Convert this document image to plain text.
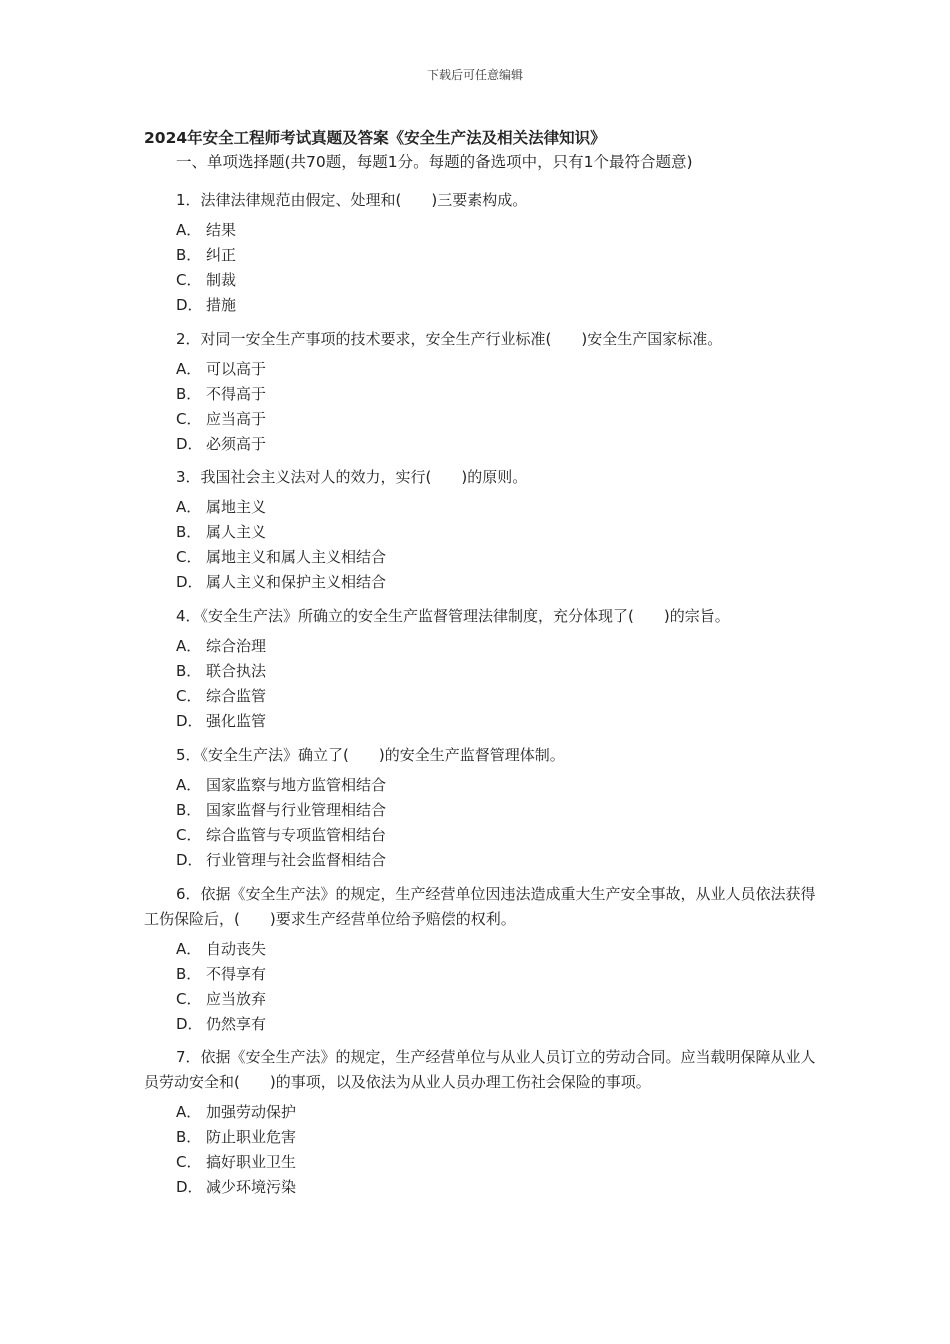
下载后可任意编辑
2024年安全工程师考试真题及答案《安全生产法及相关法律知识》
一、单项选择题(共70题，每题1分。每题的备选项中，只有1个最符合题意)

1．法律法律规范由假定、处理和(　　)三要素构成。

A． 结果
B． 纠正
C． 制裁
D． 措施

2．对同一安全生产事项的技术要求，安全生产行业标准(　　)安全生产国家标准。

A． 可以高于
B． 不得高于
C． 应当高于
D． 必须高于

3．我国社会主义法对人的效力，实行(　　)的原则。

A． 属地主义
B． 属人主义
C． 属地主义和属人主义相结合
D． 属人主义和保护主义相结合

4．《安全生产法》所确立的安全生产监督管理法律制度，充分体现了(　　)的宗旨。

A． 综合治理
B． 联合执法
C． 综合监管
D． 强化监管

5．《安全生产法》确立了(　　)的安全生产监督管理体制。

A． 国家监察与地方监管相结合
B． 国家监督与行业管理相结合
C． 综合监管与专项监管相结台
D． 行业管理与社会监督相结合

6．依据《安全生产法》的规定，生产经营单位因违法造成重大生产安全事故，从业人员依法获得工伤保险后，(　　)要求生产经营单位给予赔偿的权利。

A． 自动丧失
B． 不得享有
C． 应当放弃
D． 仍然享有

7．依据《安全生产法》的规定，生产经营单位与从业人员订立的劳动合同。应当载明保障从业人员劳动安全和(　　)的事项，以及依法为从业人员办理工伤社会保险的事项。

A． 加强劳动保护
B． 防止职业危害
C． 搞好职业卫生
D． 减少环境污染
